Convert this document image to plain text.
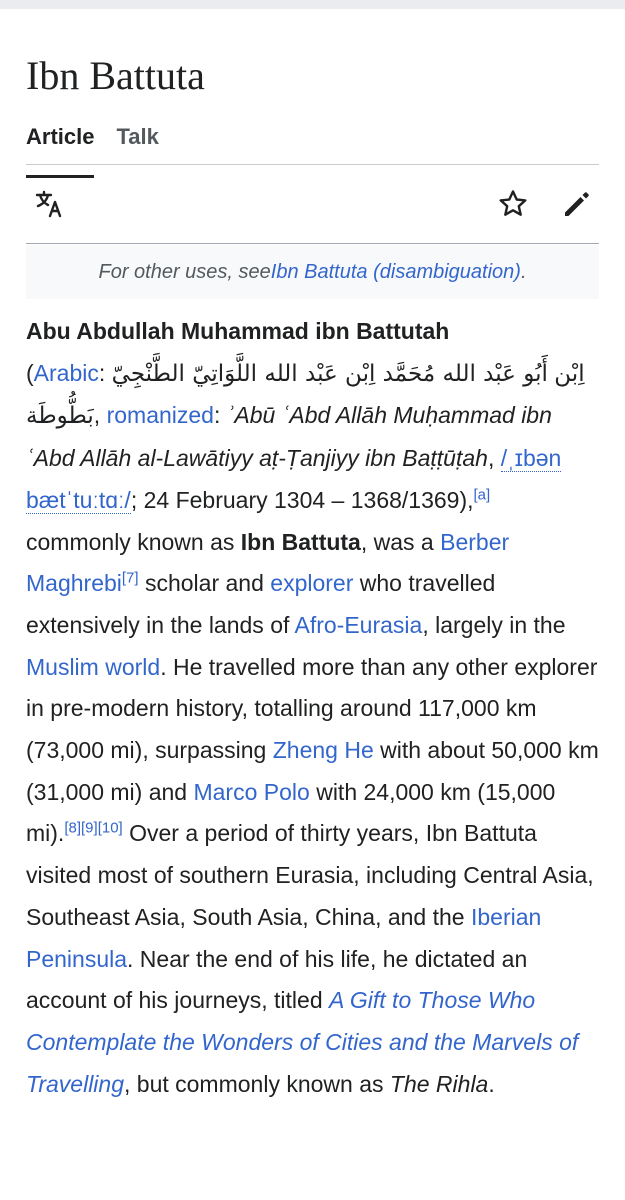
Ibn Battuta
Article Talk
For other uses, see Ibn Battuta (disambiguation) .
Abu Abdullah Muhammad ibn Battutah
(Arabic: أَبُو عَبْد الله مُحَمَّد اِبْن عَبْد الله اللَّوَاتِيّ الطَّنْجِيّ اِبْن بَطُّوطَة, romanized: ʾAbū ʿAbd Allāh Muḥammad ibn ʿAbd Allāh al-Lawātiyy aṭ-Ṭanjiyy ibn Baṭṭūṭah, /ˌɪbən bætˈtuːtɑː/; 24 February 1304 – 1368/1369),[a] commonly known as Ibn Battuta, was a Berber Maghrebi[7] scholar and explorer who travelled extensively in the lands of Afro-Eurasia, largely in the Muslim world. He travelled more than any other explorer in pre-modern history, totalling around 117,000 km (73,000 mi), surpassing Zheng He with about 50,000 km (31,000 mi) and Marco Polo with 24,000 km (15,000 mi).[8][9][10] Over a period of thirty years, Ibn Battuta visited most of southern Eurasia, including Central Asia, Southeast Asia, South Asia, China, and the Iberian Peninsula. Near the end of his life, he dictated an account of his journeys, titled A Gift to Those Who Contemplate the Wonders of Cities and the Marvels of Travelling, but commonly known as The Rihla.
